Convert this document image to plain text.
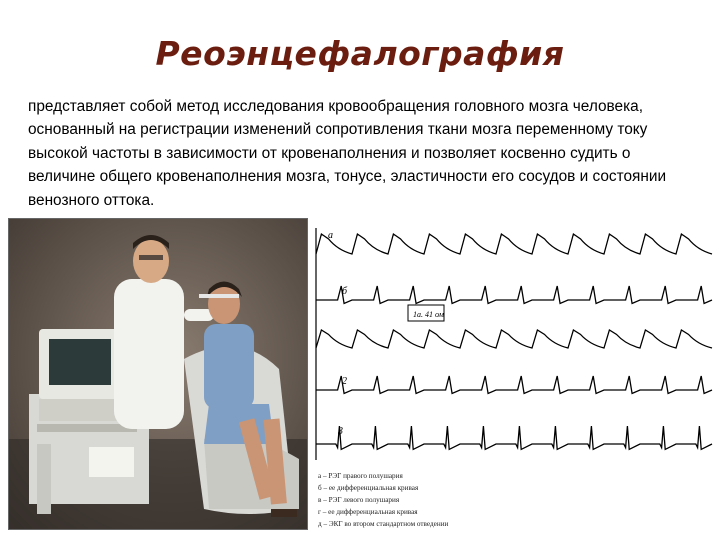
Реоэнцефалография
представляет собой метод исследования кровообращения головного мозга человека, основанный на регистрации изменений сопротивления ткани мозга переменному току высокой частоты в зависимости от кровенаполнения и позволяет косвенно судить о величине общего кровенаполнения мозга, тонусе, эластичности его сосудов и состоянии венозного оттока.
a
б
1а. 41 ом
2
3
а – РЭГ правого полушария
б – ее дифференциальная кривая
в – РЭГ левого полушария
г – ее дифференциальная кривая
д – ЭКГ во втором стандартном отведении
